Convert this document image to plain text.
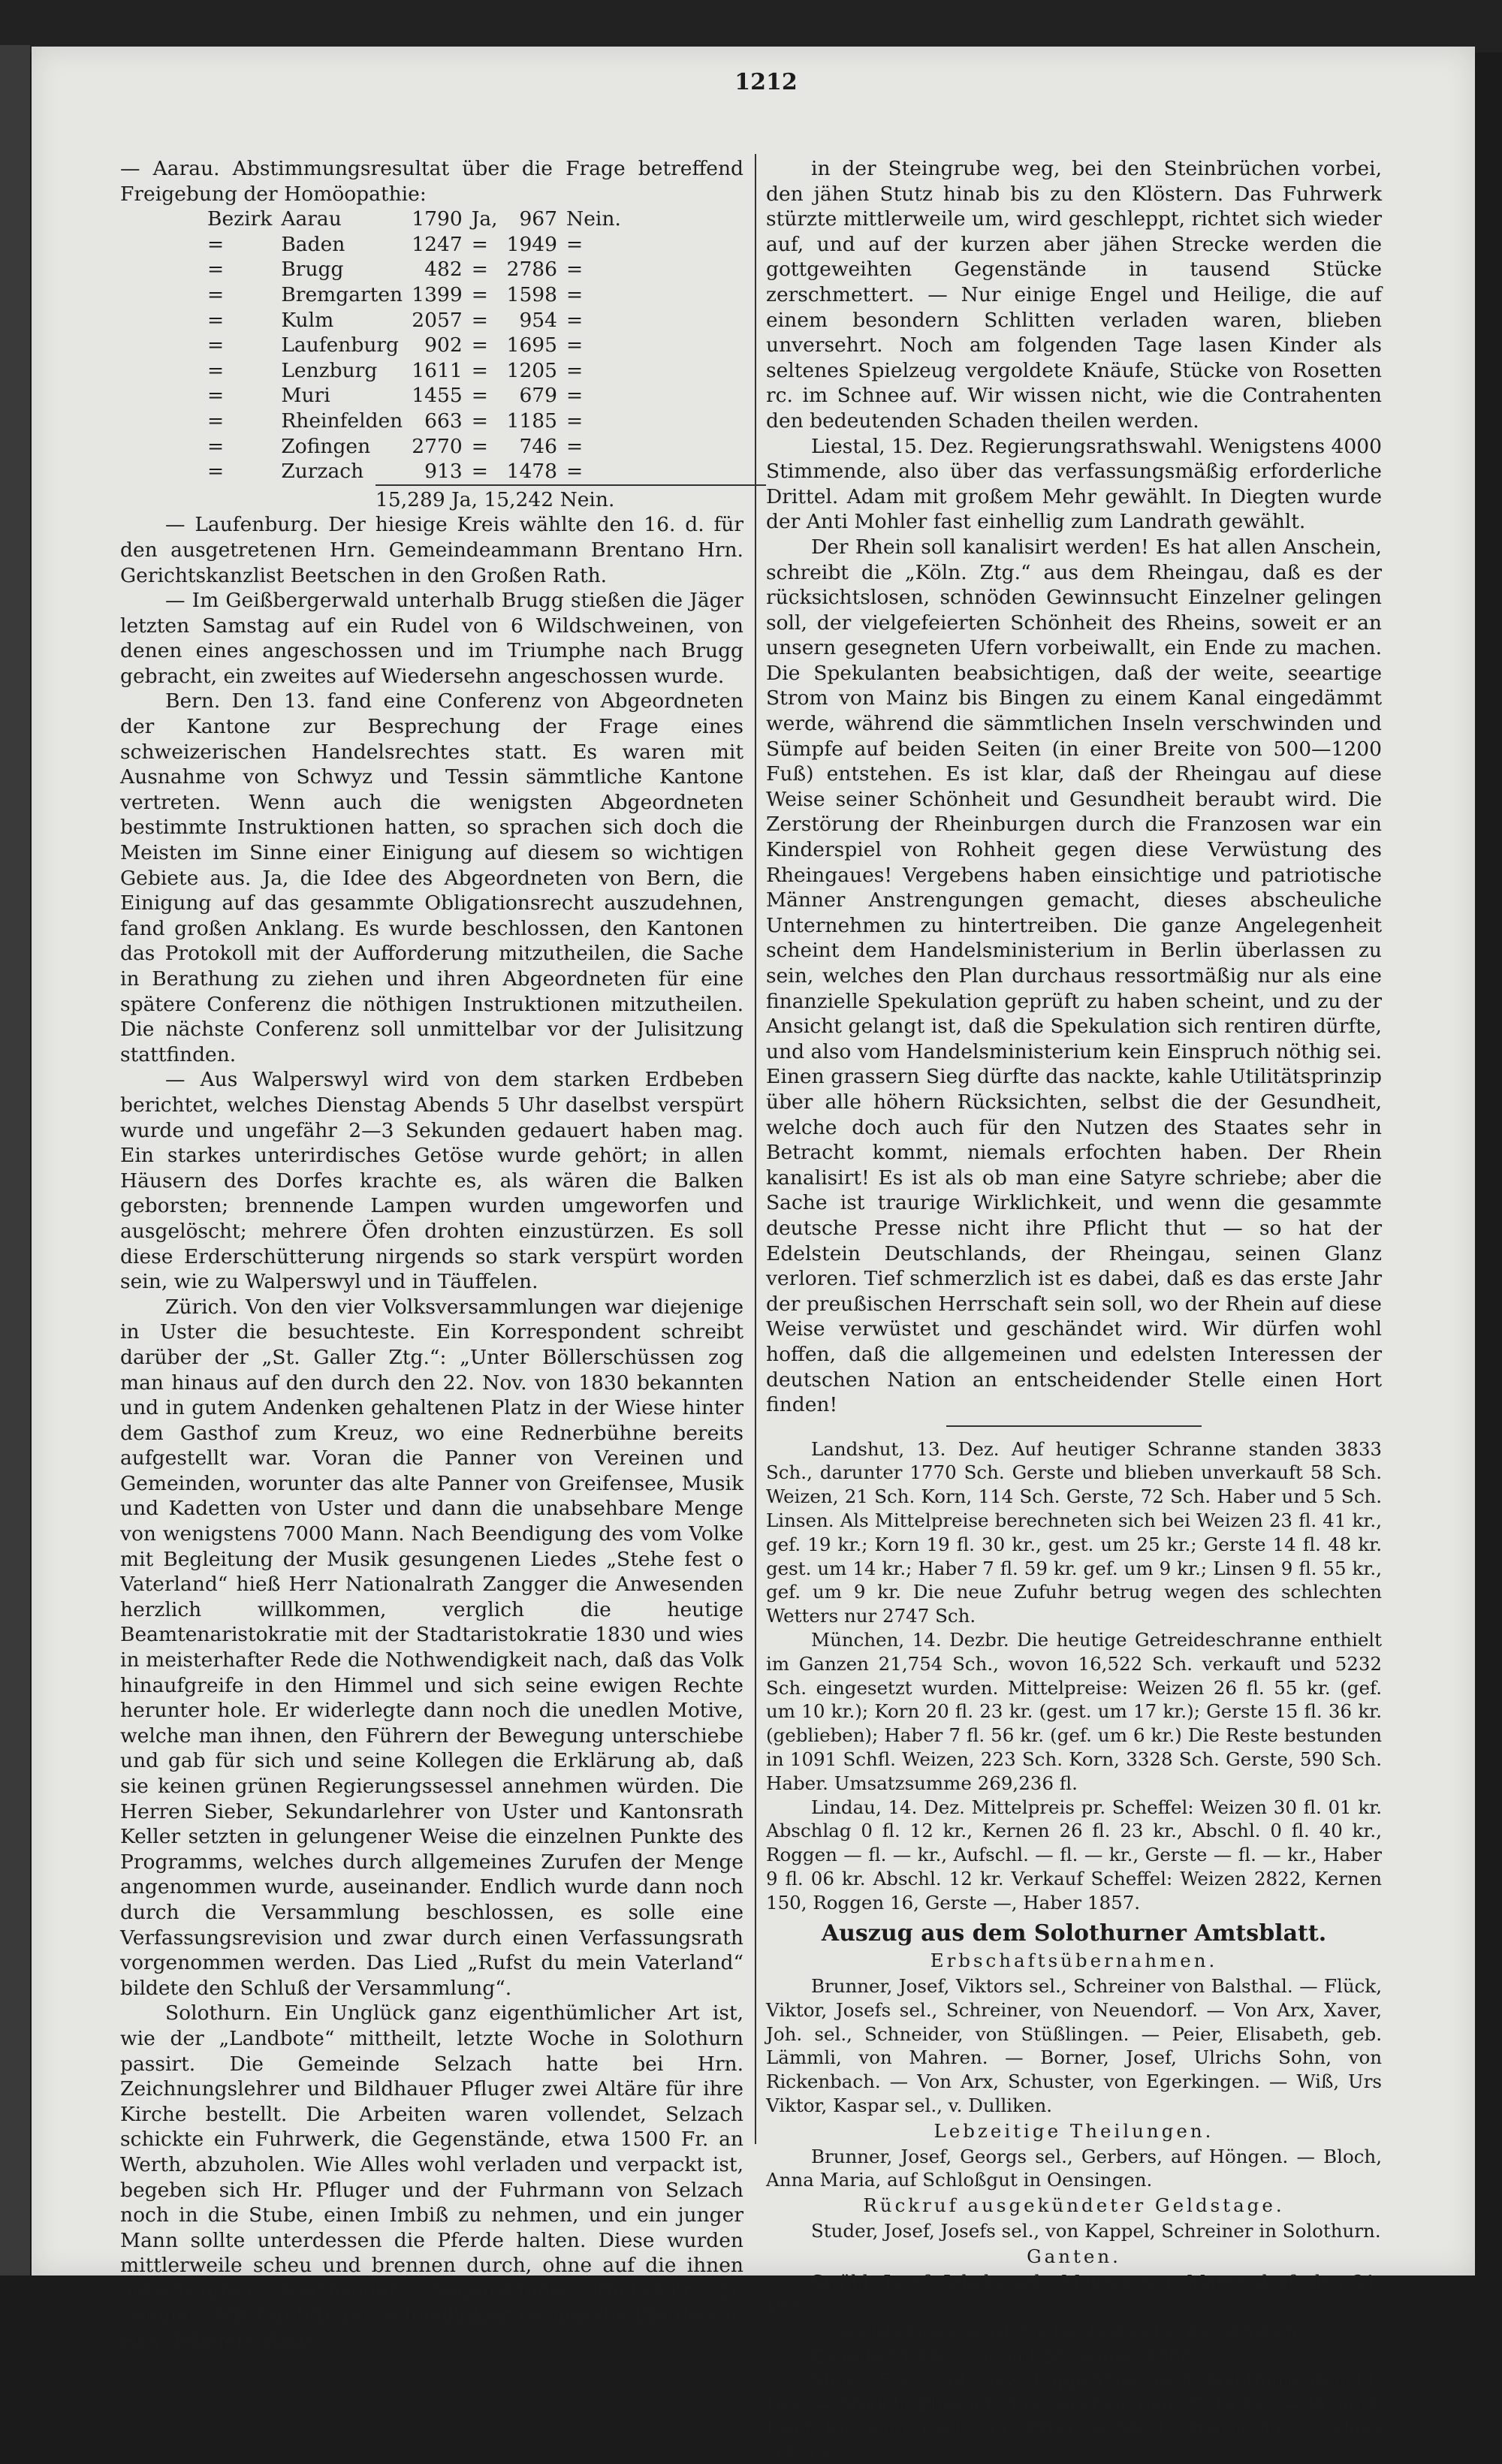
1212

— Aarau. Abstimmungsresultat über die Frage betreffend Freigebung der Homöopathie:

Bezirk	Aarau	1790	Ja,	967	Nein.
=	Baden	1247	=	1949	=
=	Brugg	482	=	2786	=
=	Bremgarten	1399	=	1598	=
=	Kulm	2057	=	954	=
=	Laufenburg	902	=	1695	=
=	Lenzburg	1611	=	1205	=
=	Muri	1455	=	679	=
=	Rheinfelden	663	=	1185	=
=	Zofingen	2770	=	746	=
=	Zurzach	913	=	1478	=
15,289 Ja, 15,242 Nein.

— Laufenburg. Der hiesige Kreis wählte den 16. d. für den ausgetretenen Hrn. Gemeindeammann Brentano Hrn. Gerichtskanzlist Beetschen in den Großen Rath.

— Im Geißbergerwald unterhalb Brugg stießen die Jäger letzten Samstag auf ein Rudel von 6 Wildschweinen, von denen eines angeschossen und im Triumphe nach Brugg gebracht, ein zweites auf Wiedersehn angeschossen wurde.

Bern. Den 13. fand eine Conferenz von Abgeordneten der Kantone zur Besprechung der Frage eines schweizerischen Handelsrechtes statt. Es waren mit Ausnahme von Schwyz und Tessin sämmtliche Kantone vertreten. Wenn auch die wenigsten Abgeordneten bestimmte Instruktionen hatten, so sprachen sich doch die Meisten im Sinne einer Einigung auf diesem so wichtigen Gebiete aus. Ja, die Idee des Abgeordneten von Bern, die Einigung auf das gesammte Obligationsrecht auszudehnen, fand großen Anklang. Es wurde beschlossen, den Kantonen das Protokoll mit der Aufforderung mitzutheilen, die Sache in Berathung zu ziehen und ihren Abgeordneten für eine spätere Conferenz die nöthigen Instruktionen mitzutheilen. Die nächste Conferenz soll unmittelbar vor der Julisitzung stattfinden.

— Aus Walperswyl wird von dem starken Erdbeben berichtet, welches Dienstag Abends 5 Uhr daselbst verspürt wurde und ungefähr 2—3 Sekunden gedauert haben mag. Ein starkes unterirdisches Getöse wurde gehört; in allen Häusern des Dorfes krachte es, als wären die Balken geborsten; brennende Lampen wurden umgeworfen und ausgelöscht; mehrere Öfen drohten einzustürzen. Es soll diese Erderschütterung nirgends so stark verspürt worden sein, wie zu Walperswyl und in Täuffelen.

Zürich. Von den vier Volksversammlungen war diejenige in Uster die besuchteste. Ein Korrespondent schreibt darüber der „St. Galler Ztg.“: „Unter Böllerschüssen zog man hinaus auf den durch den 22. Nov. von 1830 bekannten und in gutem Andenken gehaltenen Platz in der Wiese hinter dem Gasthof zum Kreuz, wo eine Rednerbühne bereits aufgestellt war. Voran die Panner von Vereinen und Gemeinden, worunter das alte Panner von Greifensee, Musik und Kadetten von Uster und dann die unabsehbare Menge von wenigstens 7000 Mann. Nach Beendigung des vom Volke mit Begleitung der Musik gesungenen Liedes „Stehe fest o Vaterland“ hieß Herr Nationalrath Zangger die Anwesenden herzlich willkommen, verglich die heutige Beamtenaristokratie mit der Stadtaristokratie 1830 und wies in meisterhafter Rede die Nothwendigkeit nach, daß das Volk hinaufgreife in den Himmel und sich seine ewigen Rechte herunter hole. Er widerlegte dann noch die unedlen Motive, welche man ihnen, den Führern der Bewegung unterschiebe und gab für sich und seine Kollegen die Erklärung ab, daß sie keinen grünen Regierungssessel annehmen würden. Die Herren Sieber, Sekundarlehrer von Uster und Kantonsrath Keller setzten in gelungener Weise die einzelnen Punkte des Programms, welches durch allgemeines Zurufen der Menge angenommen wurde, auseinander. Endlich wurde dann noch durch die Versammlung beschlossen, es solle eine Verfassungsrevision und zwar durch einen Verfassungsrath vorgenommen werden. Das Lied „Rufst du mein Vaterland“ bildete den Schluß der Versammlung“.

Solothurn. Ein Unglück ganz eigenthümlicher Art ist, wie der „Landbote“ mittheilt, letzte Woche in Solothurn passirt. Die Gemeinde Selzach hatte bei Hrn. Zeichnungslehrer und Bildhauer Pfluger zwei Altäre für ihre Kirche bestellt. Die Arbeiten waren vollendet, Selzach schickte ein Fuhrwerk, die Gegenstände, etwa 1500 Fr. an Werth, abzuholen. Wie Alles wohl verladen und verpackt ist, begeben sich Hr. Pfluger und der Fuhrmann von Selzach noch in die Stube, einen Imbiß zu nehmen, und ein junger Mann sollte unterdessen die Pferde halten. Diese wurden mittlerweile scheu und brennen durch, ohne auf die ihnen anvertrauten werthvollen Gegenstände Rücksicht zu nehmen. Mit furchtbarer Schnelligkeit rennen die Pferde von Hrn. Pflugers Haus

in der Steingrube weg, bei den Steinbrüchen vorbei, den jähen Stutz hinab bis zu den Klöstern. Das Fuhrwerk stürzte mittlerweile um, wird geschleppt, richtet sich wieder auf, und auf der kurzen aber jähen Strecke werden die gottgeweihten Gegenstände in tausend Stücke zerschmettert. — Nur einige Engel und Heilige, die auf einem besondern Schlitten verladen waren, blieben unversehrt. Noch am folgenden Tage lasen Kinder als seltenes Spielzeug vergoldete Knäufe, Stücke von Rosetten rc. im Schnee auf. Wir wissen nicht, wie die Contrahenten den bedeutenden Schaden theilen werden.

Liestal, 15. Dez. Regierungsrathswahl. Wenigstens 4000 Stimmende, also über das verfassungsmäßig erforderliche Drittel. Adam mit großem Mehr gewählt. In Diegten wurde der Anti Mohler fast einhellig zum Landrath gewählt.

Der Rhein soll kanalisirt werden! Es hat allen Anschein, schreibt die „Köln. Ztg.“ aus dem Rheingau, daß es der rücksichtslosen, schnöden Gewinnsucht Einzelner gelingen soll, der vielgefeierten Schönheit des Rheins, soweit er an unsern gesegneten Ufern vorbeiwallt, ein Ende zu machen. Die Spekulanten beabsichtigen, daß der weite, seeartige Strom von Mainz bis Bingen zu einem Kanal eingedämmt werde, während die sämmtlichen Inseln verschwinden und Sümpfe auf beiden Seiten (in einer Breite von 500—1200 Fuß) entstehen. Es ist klar, daß der Rheingau auf diese Weise seiner Schönheit und Gesundheit beraubt wird. Die Zerstörung der Rheinburgen durch die Franzosen war ein Kinderspiel von Rohheit gegen diese Verwüstung des Rheingaues! Vergebens haben einsichtige und patriotische Männer Anstrengungen gemacht, dieses abscheuliche Unternehmen zu hintertreiben. Die ganze Angelegenheit scheint dem Handelsministerium in Berlin überlassen zu sein, welches den Plan durchaus ressortmäßig nur als eine finanzielle Spekulation geprüft zu haben scheint, und zu der Ansicht gelangt ist, daß die Spekulation sich rentiren dürfte, und also vom Handelsministerium kein Einspruch nöthig sei. Einen grassern Sieg dürfte das nackte, kahle Utilitätsprinzip über alle höhern Rücksichten, selbst die der Gesundheit, welche doch auch für den Nutzen des Staates sehr in Betracht kommt, niemals erfochten haben. Der Rhein kanalisirt! Es ist als ob man eine Satyre schriebe; aber die Sache ist traurige Wirklichkeit, und wenn die gesammte deutsche Presse nicht ihre Pflicht thut — so hat der Edelstein Deutschlands, der Rheingau, seinen Glanz verloren. Tief schmerzlich ist es dabei, daß es das erste Jahr der preußischen Herrschaft sein soll, wo der Rhein auf diese Weise verwüstet und geschändet wird. Wir dürfen wohl hoffen, daß die allgemeinen und edelsten Interessen der deutschen Nation an entscheidender Stelle einen Hort finden!

Landshut, 13. Dez. Auf heutiger Schranne standen 3833 Sch., darunter 1770 Sch. Gerste und blieben unverkauft 58 Sch. Weizen, 21 Sch. Korn, 114 Sch. Gerste, 72 Sch. Haber und 5 Sch. Linsen. Als Mittelpreise berechneten sich bei Weizen 23 fl. 41 kr., gef. 19 kr.; Korn 19 fl. 30 kr., gest. um 25 kr.; Gerste 14 fl. 48 kr. gest. um 14 kr.; Haber 7 fl. 59 kr. gef. um 9 kr.; Linsen 9 fl. 55 kr., gef. um 9 kr. Die neue Zufuhr betrug wegen des schlechten Wetters nur 2747 Sch.

München, 14. Dezbr. Die heutige Getreideschranne enthielt im Ganzen 21,754 Sch., wovon 16,522 Sch. verkauft und 5232 Sch. eingesetzt wurden. Mittelpreise: Weizen 26 fl. 55 kr. (gef. um 10 kr.); Korn 20 fl. 23 kr. (gest. um 17 kr.); Gerste 15 fl. 36 kr. (geblieben); Haber 7 fl. 56 kr. (gef. um 6 kr.) Die Reste bestunden in 1091 Schfl. Weizen, 223 Sch. Korn, 3328 Sch. Gerste, 590 Sch. Haber. Umsatzsumme 269,236 fl.

Lindau, 14. Dez. Mittelpreis pr. Scheffel: Weizen 30 fl. 01 kr. Abschlag 0 fl. 12 kr., Kernen 26 fl. 23 kr., Abschl. 0 fl. 40 kr., Roggen — fl. — kr., Aufschl. — fl. — kr., Gerste — fl. — kr., Haber 9 fl. 06 kr. Abschl. 12 kr. Verkauf Scheffel: Weizen 2822, Kernen 150, Roggen 16, Gerste —, Haber 1857.

Auszug aus dem Solothurner Amtsblatt.
Erbschaftsübernahmen.

Brunner, Josef, Viktors sel., Schreiner von Balsthal. — Flück, Viktor, Josefs sel., Schreiner, von Neuendorf. — Von Arx, Xaver, Joh. sel., Schneider, von Stüßlingen. — Peier, Elisabeth, geb. Lämmli, von Mahren. — Borner, Josef, Ulrichs Sohn, von Rickenbach. — Von Arx, Schuster, von Egerkingen. — Wiß, Urs Viktor, Kaspar sel., v. Dulliken.

Lebzeitige Theilungen.

Brunner, Josef, Georgs sel., Gerbers, auf Höngen. — Bloch, Anna Maria, auf Schloßgut in Oensingen.

Rückruf ausgekündeter Geldstage.

Studer, Josef, Josefs sel., von Kappel, Schreiner in Solothurn.

Ganten.

Strähl, Josef, Jakobs sel., Maurer, von Matzendorf, den 21. Dez.

Geldstage und Geldstagssteigerungen.

Eingabefrist bis und mit 20. Jänner 1868.

Meier, Franz sel., gew. Kappenmacher in Solothurn, den 14. Dez. — Stüdeli, Elisabeth in Grenchen, den 17. Dezbr. — Reinert, Josef, Klemenzen sel., von Altreu. — Sterki, Hieronimus, Niklaus sel., in
